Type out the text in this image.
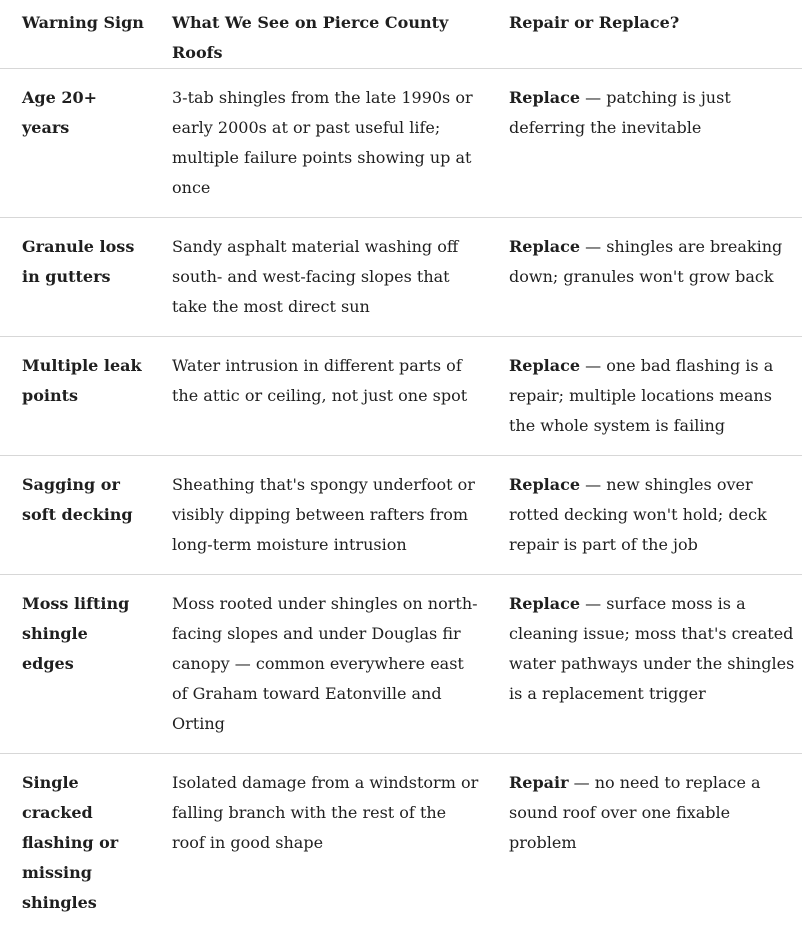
Warning Sign	What We See on Pierce County Roofs	Repair or Replace?
Age 20+ years	3-tab shingles from the late 1990s or early 2000s at or past useful life; multiple failure points showing up at once	Replace — patching is just deferring the inevitable
Granule loss in gutters	Sandy asphalt material washing off south- and west-facing slopes that take the most direct sun	Replace — shingles are breaking down; granules won't grow back
Multiple leak points	Water intrusion in different parts of the attic or ceiling, not just one spot	Replace — one bad flashing is a repair; multiple locations means the whole system is failing
Sagging or soft decking	Sheathing that's spongy underfoot or visibly dipping between rafters from long-term moisture intrusion	Replace — new shingles over rotted decking won't hold; deck repair is part of the job
Moss lifting shingle edges	Moss rooted under shingles on north-facing slopes and under Douglas fir canopy — common everywhere east of Graham toward Eatonville and Orting	Replace — surface moss is a cleaning issue; moss that's created water pathways under the shingles is a replacement trigger
Single cracked flashing or missing shingles	Isolated damage from a windstorm or falling branch with the rest of the roof in good shape	Repair — no need to replace a sound roof over one fixable problem
